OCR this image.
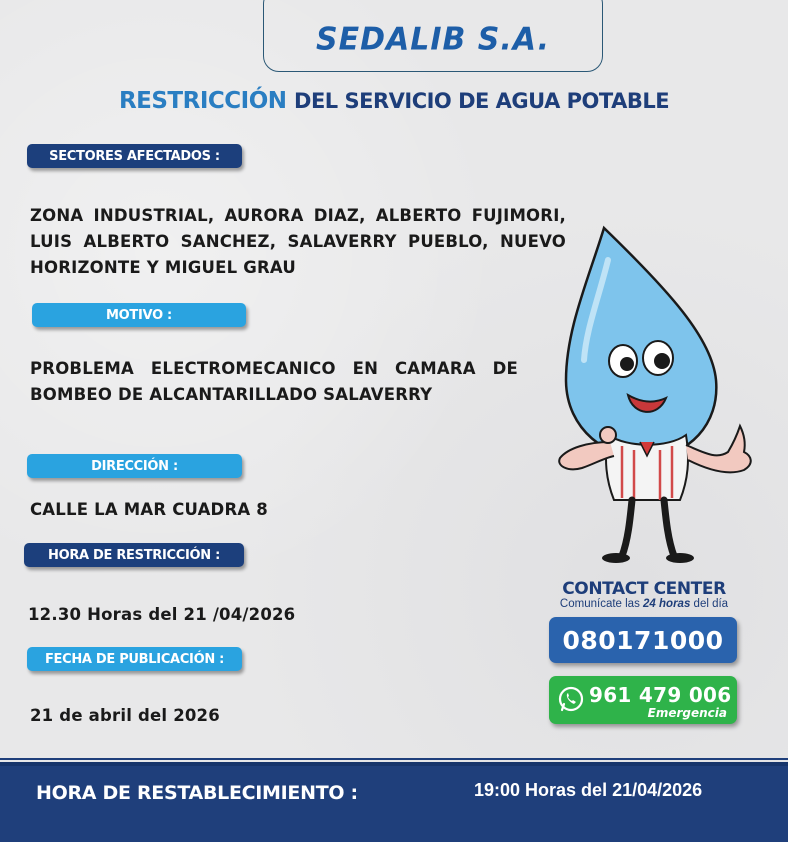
SEDALIB S.A.
RESTRICCIÓN DEL SERVICIO DE AGUA POTABLE
SECTORES AFECTADOS :
ZONA INDUSTRIAL, AURORA DIAZ, ALBERTO FUJIMORI, LUIS ALBERTO SANCHEZ, SALAVERRY PUEBLO, NUEVO HORIZONTE Y MIGUEL GRAU
MOTIVO :
PROBLEMA ELECTROMECANICO EN CAMARA DE BOMBEO DE ALCANTARILLADO SALAVERRY
DIRECCIÓN :
CALLE LA MAR CUADRA 8
HORA DE RESTRICCIÓN :
12.30 Horas del 21 /04/2026
FECHA DE PUBLICACIÓN :
21 de abril del 2026
CONTACT CENTER
Comunícate las 24 horas del día
080171000
961 479 006
Emergencia
HORA DE RESTABLECIMIENTO :	19:00 Horas del 21/04/2026
